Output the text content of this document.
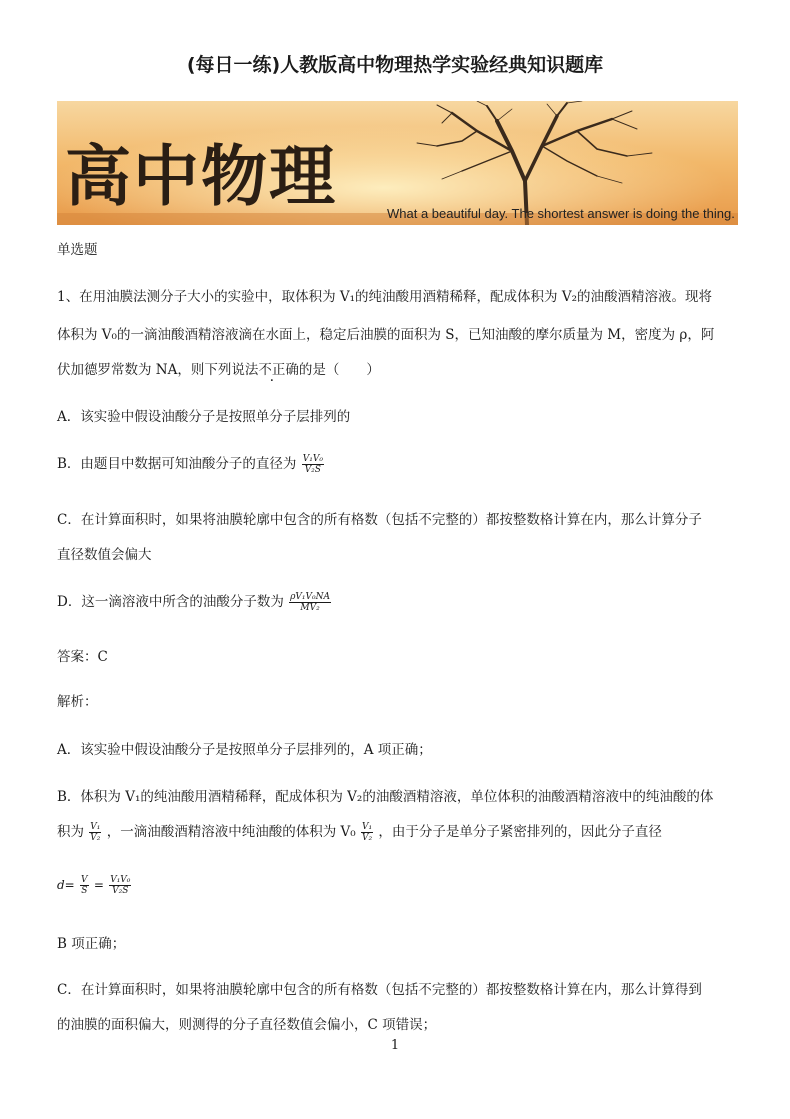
(每日一练)人教版高中物理热学实验经典知识题库
高中物理	What a beautiful day. The shortest answer is doing the thing.
单选题
1、在用油膜法测分子大小的实验中，取体积为 V₁的纯油酸用酒精稀释，配成体积为 V₂的油酸酒精溶液。现将
体积为 V₀的一滴油酸酒精溶液滴在水面上，稳定后油膜的面积为 S，已知油酸的摩尔质量为 M，密度为 ρ，阿
伏加德罗常数为 NA，则下列说法不正确的是（　　）
A．该实验中假设油酸分子是按照单分子层排列的
B．由题目中数据可知油酸分子的直径为 $\frac{\text{V₁V₀}}{\text{V₂S}}$
C．在计算面积时，如果将油膜轮廓中包含的所有格数（包括不完整的）都按整数格计算在内，那么计算分子
直径数值会偏大
D．这一滴溶液中所含的油酸分子数为 $\frac{\text{ρV₁V₀NA}}{\text{MV₂}}$
答案：C
解析：
A．该实验中假设油酸分子是按照单分子层排列的，A 项正确；
B．体积为 V₁的纯油酸用酒精稀释，配成体积为 V₂的油酸酒精溶液，单位体积的油酸酒精溶液中的纯油酸的体
积为 $\frac{\text{V₁}}{\text{V₂}}$ ，一滴油酸酒精溶液中纯油酸的体积为 $V_0 \frac{\text{V₁}}{\text{V₂}}$ ，由于分子是单分子紧密排列的，因此分子直径
$d= \frac{V}{S} = \frac{\text{V₁V₀}}{\text{V₂S}}$
B 项正确；
C．在计算面积时，如果将油膜轮廓中包含的所有格数（包括不完整的）都按整数格计算在内，那么计算得到
的油膜的面积偏大，则测得的分子直径数值会偏小，C 项错误；
1
